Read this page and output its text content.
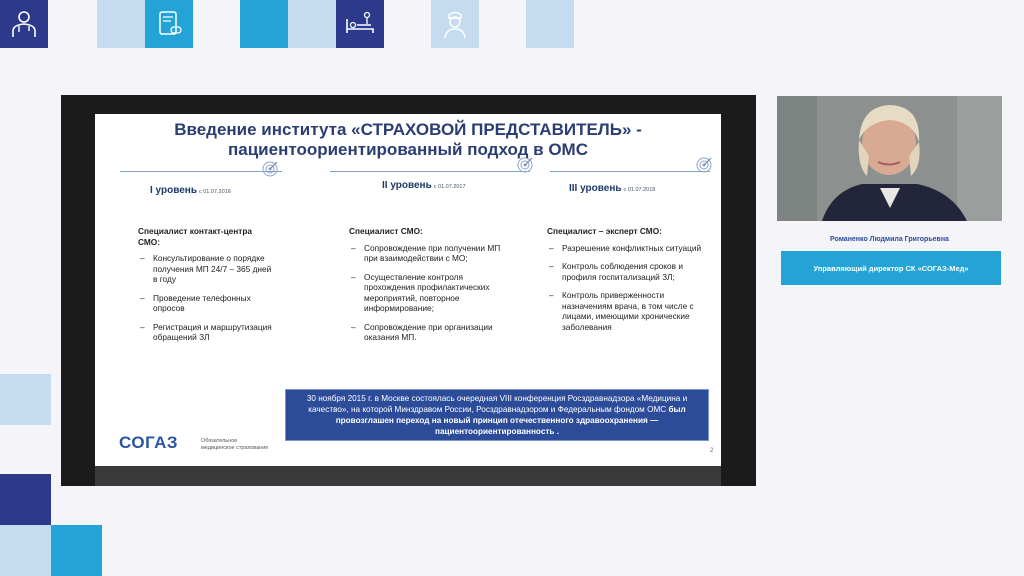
Введение института «СТРАХОВОЙ ПРЕДСТАВИТЕЛЬ» -
пациентоориентированный подход в ОМС
I уровень с 01.07.2016
II уровень с 01.07.2017	III уровень с 01.07.2018
Специалист контакт-центра СМО:
– Консультирование о порядке получения МП 24/7 – 365 дней в году
– Проведение телефонных опросов
– Регистрация и маршрутизация обращений ЗЛ
Специалист СМО:
– Сопровождение при получении МП при взаимодействии с МО;
– Осуществление контроля прохождения профилактических мероприятий, повторное информирование;
– Сопровождение при организации оказания МП.
Специалист – эксперт СМО:
– Разрешение конфликтных ситуаций
– Контроль соблюдения сроков и профиля госпитализаций ЗЛ;
– Контроль приверженности назначениям врача, в том числе с лицами, имеющими хронические заболевания
30 ноября 2015 г. в Москве состоялась очередная VIII конференция Росздравнадзора «Медицина и качество», на которой Минздравом России, Росздравнадзором и Федеральным фондом ОМС был провозглашен переход на новый принцип отечественного здравоохранения — пациентоориентированность .
СОГАЗ	Обязательное
медицинское страхование	2
Романенко Людмила Григорьевна
Управляющий директор СК «СОГАЗ-Мед»
